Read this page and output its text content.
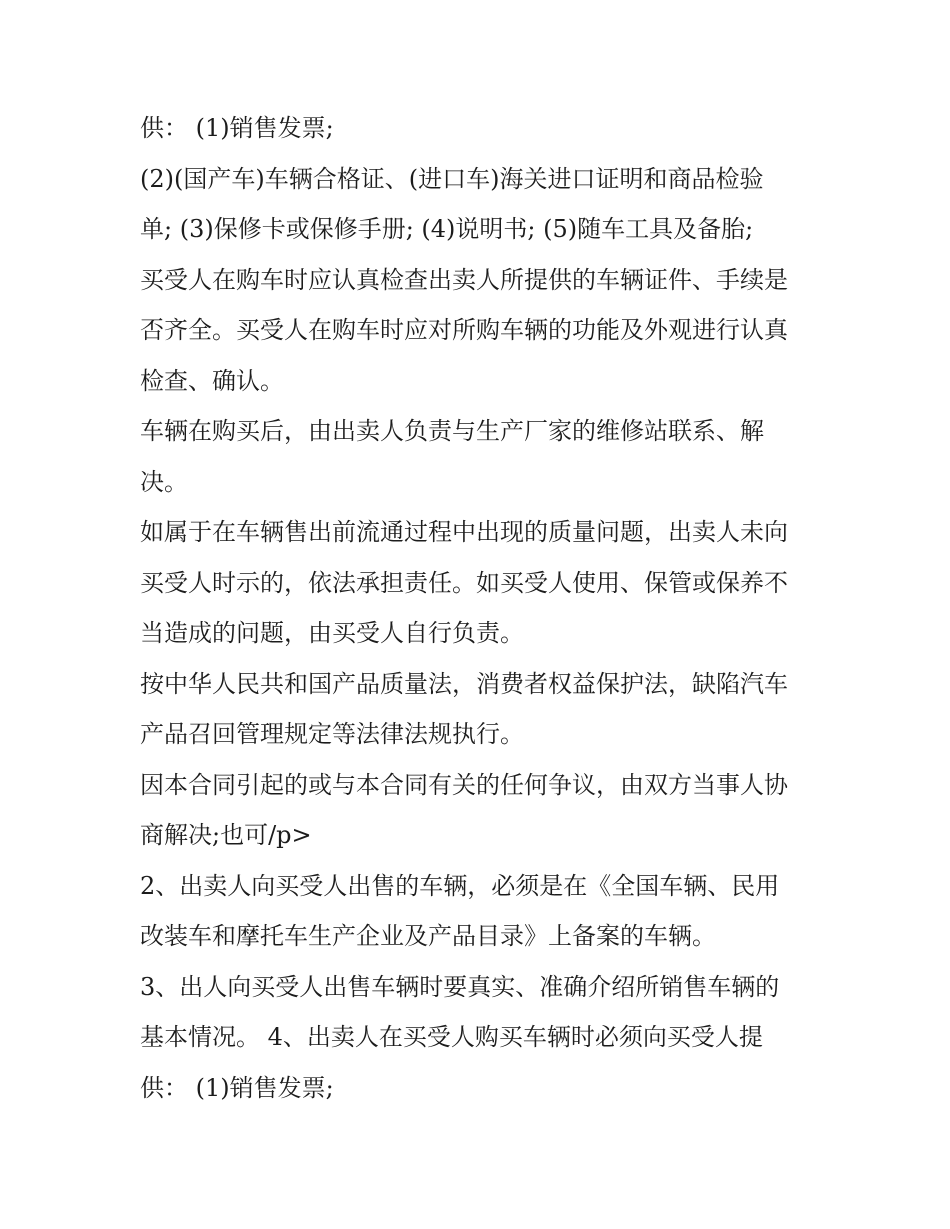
供： (1)销售发票;
(2)(国产车)车辆合格证、(进口车)海关进口证明和商品检验
单; (3)保修卡或保修手册; (4)说明书; (5)随车工具及备胎;
买受人在购车时应认真检查出卖人所提供的车辆证件、手续是
否齐全。买受人在购车时应对所购车辆的功能及外观进行认真
检查、确认。
车辆在购买后，由出卖人负责与生产厂家的维修站联系、解
决。
如属于在车辆售出前流通过程中出现的质量问题，出卖人未向
买受人时示的，依法承担责任。如买受人使用、保管或保养不
当造成的问题，由买受人自行负责。
按中华人民共和国产品质量法，消费者权益保护法，缺陷汽车
产品召回管理规定等法律法规执行。
因本合同引起的或与本合同有关的任何争议，由双方当事人协
商解决;也可/p>
2、出卖人向买受人出售的车辆，必须是在《全国车辆、民用
改装车和摩托车生产企业及产品目录》上备案的车辆。
3、出人向买受人出售车辆时要真实、准确介绍所销售车辆的
基本情况。 4、出卖人在买受人购买车辆时必须向买受人提
供： (1)销售发票;
